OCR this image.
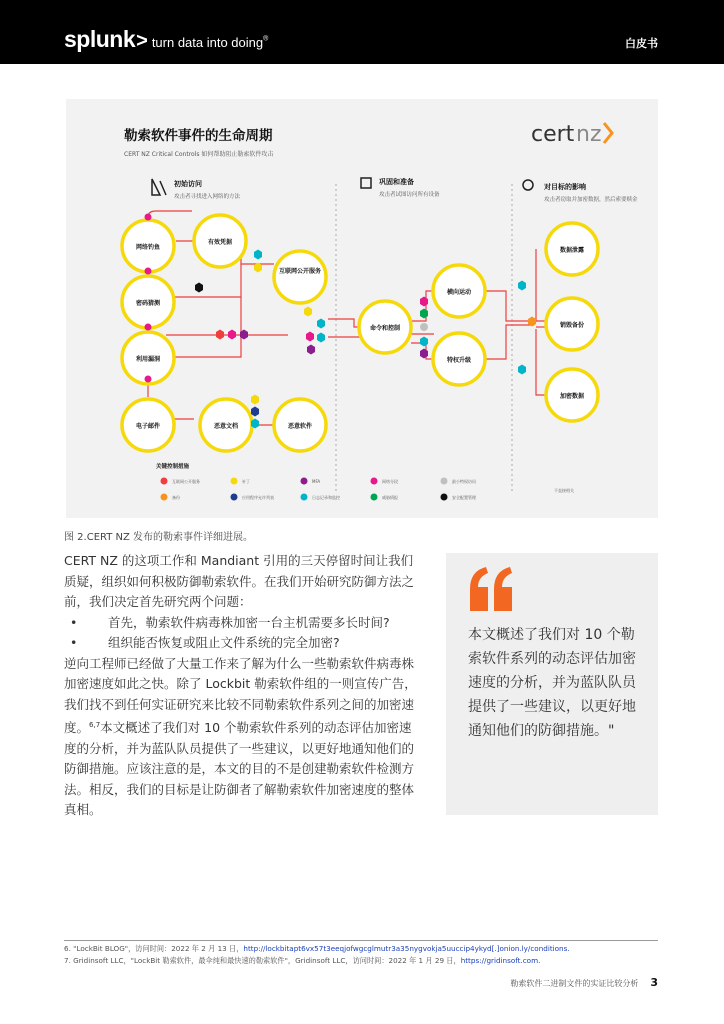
splunk> turn data into doing®	白皮书
勒索软件事件的生命周期
CERT NZ Critical Controls 如何帮助阻止勒索软件攻击
cert nz
初始访问
攻击者寻找进入网络的方法
巩固和准备
攻击者试图访问所有设备
对目标的影响
攻击者窃取并加密数据，然后索要赎金
网络钓鱼
有效凭据
密码猜测
互联网公开服务
利用漏洞
电子邮件	恶意文档	恶意软件
命令和控制
横向运动
特权升级
数据泄露
销毁备份
加密数据
关键控制措施
互联网公开服务	补丁	MFA	网络分段	最小特权访问
备份	应用程序允许列表	日志记录和监控	威胁情报	安全配置管理
不直接相关
图 2.CERT NZ 发布的勒索事件详细进展。

CERT NZ 的这项工作和 Mandiant 引用的三天停留时间让我们质疑，组织如何积极防御勒索软件。在我们开始研究防御方法之前，我们决定首先研究两个问题：

• 首先，勒索软件病毒株加密一台主机需要多长时间?
• 组织能否恢复或阻止文件系统的完全加密?

逆向工程师已经做了大量工作来了解为什么一些勒索软件病毒株加密速度如此之快。除了 Lockbit 勒索软件组的一则宣传广告，我们找不到任何实证研究来比较不同勒索软件系列之间的加密速度。$^{6,7}$本文概述了我们对 10 个勒索软件系列的动态评估加密速度的分析，并为蓝队队员提供了一些建议，以更好地通知他们的防御措施。应该注意的是，本文的目的不是创建勒索软件检测方法。相反，我们的目标是让防御者了解勒索软件加密速度的整体真相。

本文概述了我们对 10 个勒索软件系列的动态评估加密速度的分析，并为蓝队队员提供了一些建议，以更好地通知他们的防御措施。"
6. "LockBit BLOG"，访问时间：2022 年 2 月 13 日，http://lockbitapt6vx57t3eeqjofwgcglmutr3a35nygvokja5uuccip4ykyd[.]onion.ly/conditions.
7. Gridinsoft LLC，"LockBit 勒索软件，最伞纯和最快速的勒索软件"，Gridinsoft LLC，访问时间：2022 年 1 月 29 日，https://gridinsoft.com.
勒索软件二进制文件的实证比较分析 3
